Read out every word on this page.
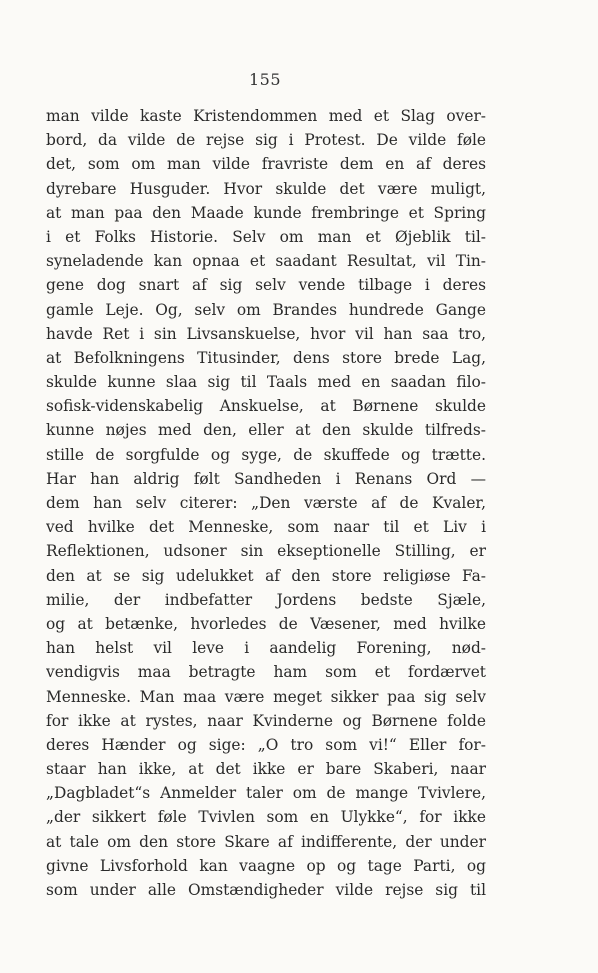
155
man vilde kaste Kristendommen med et Slag over-
bord, da vilde de rejse sig i Protest. De vilde føle
det, som om man vilde fravriste dem en af deres
dyrebare Husguder. Hvor skulde det være muligt,
at man paa den Maade kunde frembringe et Spring
i et Folks Historie. Selv om man et Øjeblik til-
syneladende kan opnaa et saadant Resultat, vil Tin-
gene dog snart af sig selv vende tilbage i deres
gamle Leje. Og, selv om Brandes hundrede Gange
havde Ret i sin Livsanskuelse, hvor vil han saa tro,
at Befolkningens Titusinder, dens store brede Lag,
skulde kunne slaa sig til Taals med en saadan filo-
sofisk-videnskabelig Anskuelse, at Børnene skulde
kunne nøjes med den, eller at den skulde tilfreds-
stille de sorgfulde og syge, de skuffede og trætte.
Har han aldrig følt Sandheden i Renans Ord —
dem han selv citerer: „Den værste af de Kvaler,
ved hvilke det Menneske, som naar til et Liv i
Reflektionen, udsoner sin ekseptionelle Stilling, er
den at se sig udelukket af den store religiøse Fa-
milie, der indbefatter Jordens bedste Sjæle,
og at betænke, hvorledes de Væsener, med hvilke
han helst vil leve i aandelig Forening, nød-
vendigvis maa betragte ham som et fordærvet
Menneske. Man maa være meget sikker paa sig selv
for ikke at rystes, naar Kvinderne og Børnene folde
deres Hænder og sige: „O tro som vi!“ Eller for-
staar han ikke, at det ikke er bare Skaberi, naar
„Dagbladet“s Anmelder taler om de mange Tvivlere,
„der sikkert føle Tvivlen som en Ulykke“, for ikke
at tale om den store Skare af indifferente, der under
givne Livsforhold kan vaagne op og tage Parti, og
som under alle Omstændigheder vilde rejse sig til
